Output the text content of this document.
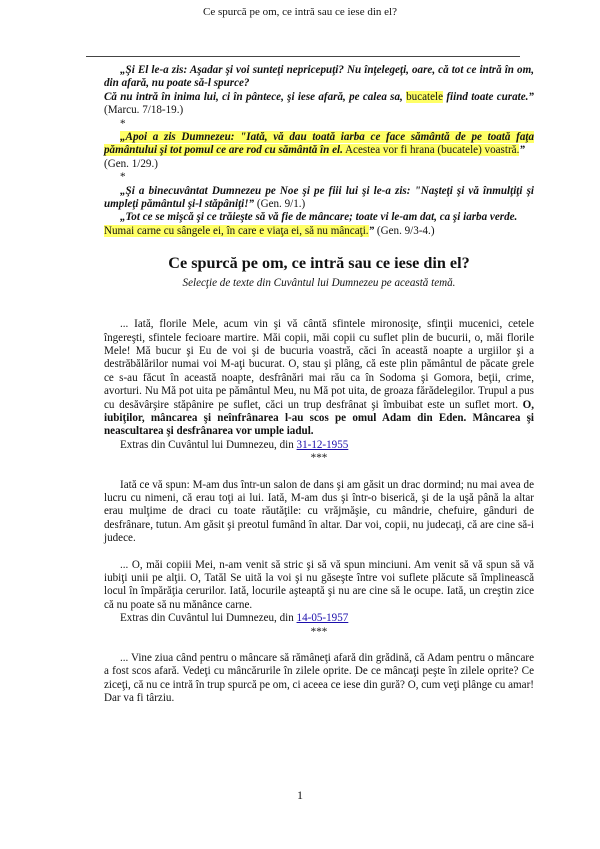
Ce spurcă pe om, ce intră sau ce iese din el?

„Şi El le-a zis: Aşadar şi voi sunteţi nepricepuţi? Nu înţelegeţi, oare, că tot ce intră în om, din afară, nu poate să-l spurce?
Că nu intră în inima lui, ci în pântece, şi iese afară, pe calea sa, bucatele fiind toate curate.” (Marcu. 7/18-19.)

*

„Apoi a zis Dumnezeu: "Iată, vă dau toată iarba ce face sământă de pe toată faţa pământului şi tot pomul ce are rod cu sământă în el. Acestea vor fi hrana (bucatele) voastră.”
(Gen. 1/29.)

*

„Şi a binecuvântat Dumnezeu pe Noe şi pe fiii lui şi le-a zis: "Naşteţi şi vă înmulţiţi şi umpleţi pământul şi-l stăpâniţi!” (Gen. 9/1.)

„Tot ce se mişcă şi ce trăieşte să vă fie de mâncare; toate vi le-am dat, ca şi iarba verde.
Numai carne cu sângele ei, în care e viaţa ei, să nu mâncaţi.” (Gen. 9/3-4.)

Ce spurcă pe om, ce intră sau ce iese din el?
Selecţie de texte din Cuvântul lui Dumnezeu pe această temă.

... Iată, florile Mele, acum vin şi vă cântă sfintele mironosiţe, sfinţii mucenici, cetele îngereşti, sfintele fecioare martire. Măi copii, măi copii cu suflet plin de bucurii, o, măi florile Mele! Mă bucur şi Eu de voi şi de bucuria voastră, căci în această noapte a urgiilor şi a destrăbălărilor numai voi M-aţi bucurat. O, stau şi plâng, că este plin pământul de păcate grele ce s-au făcut în această noapte, desfrânări mai rău ca în Sodoma şi Gomora, beţii, crime, avorturi. Nu Mă pot uita pe pământul Meu, nu Mă pot uita, de groaza fărădelegilor. Trupul a pus cu desăvârşire stăpânire pe suflet, căci un trup desfrânat şi îmbuibat este un suflet mort. O, iubiţilor, mâncarea şi neînfrânarea l-au scos pe omul Adam din Eden. Mâncarea şi neascultarea şi desfrânarea vor umple iadul.

Extras din Cuvântul lui Dumnezeu, din 31-12-1955

***

Iată ce vă spun: M-am dus într-un salon de dans şi am găsit un drac dormind; nu mai avea de lucru cu nimeni, că erau toţi ai lui. Iată, M-am dus şi într-o biserică, şi de la uşă până la altar erau mulţime de draci cu toate răutăţile: cu vrăjmăşie, cu mândrie, chefuire, gânduri de desfrânare, tutun. Am găsit şi preotul fumând în altar. Dar voi, copii, nu judecaţi, că are cine să-i judece.

... O, măi copiii Mei, n-am venit să stric şi să vă spun minciuni. Am venit să vă spun să vă iubiţi unii pe alţii. O, Tatăl Se uită la voi şi nu găseşte între voi suflete plăcute să împlinească locul în împărăţia cerurilor. Iată, locurile aşteaptă şi nu are cine să le ocupe. Iată, un creştin zice că nu poate să nu mănânce carne.

Extras din Cuvântul lui Dumnezeu, din 14-05-1957

***

... Vine ziua când pentru o mâncare să rămâneţi afară din grădină, că Adam pentru o mâncare a fost scos afară. Vedeţi cu mâncărurile în zilele oprite. De ce mâncaţi peşte în zilele oprite? Ce ziceţi, că nu ce intră în trup spurcă pe om, ci aceea ce iese din gură? O, cum veţi plânge cu amar! Dar va fi târziu.

1
